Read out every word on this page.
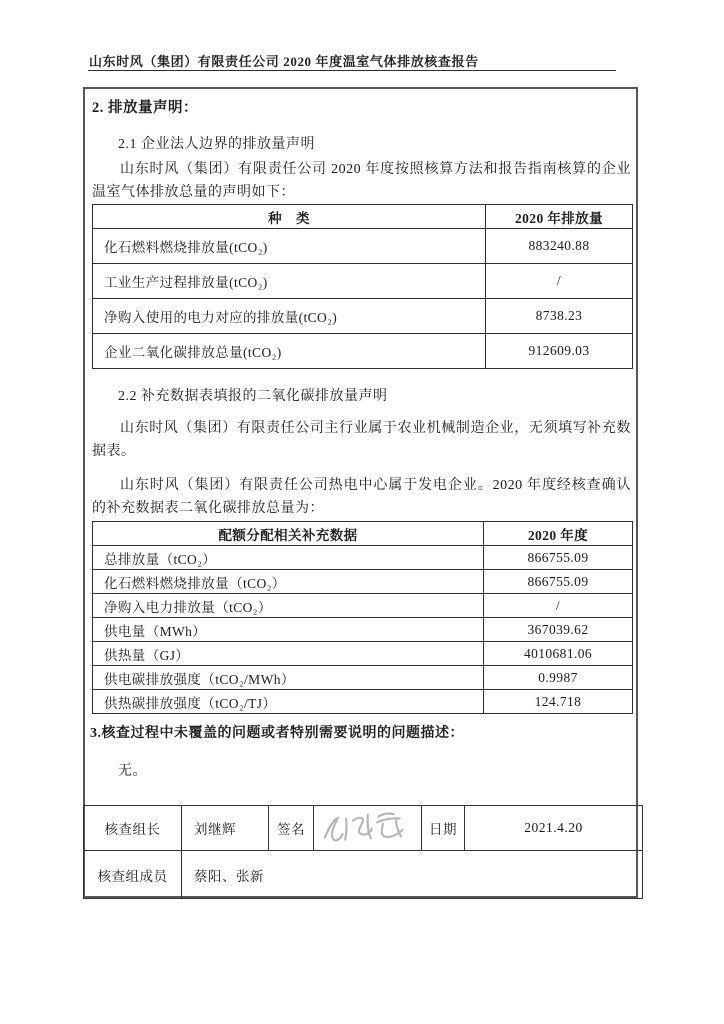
山东时风（集团）有限责任公司 2020 年度温室气体排放核查报告
2. 排放量声明：
2.1 企业法人边界的排放量声明

山东时风（集团）有限责任公司 2020 年度按照核算方法和报告指南核算的企业温室气体排放总量的声明如下：

种　类	2020 年排放量
化石燃料燃烧排放量(tCO₂)	883240.88
工业生产过程排放量(tCO₂)	/
净购入使用的电力对应的排放量(tCO₂)	8738.23
企业二氧化碳排放总量(tCO₂)	912609.03
2.2 补充数据表填报的二氧化碳排放量声明

山东时风（集团）有限责任公司主行业属于农业机械制造企业，无须填写补充数据表。

山东时风（集团）有限责任公司热电中心属于发电企业。2020 年度经核查确认的补充数据表二氧化碳排放总量为：

配额分配相关补充数据	2020 年度
总排放量（tCO₂）	866755.09
化石燃料燃烧排放量（tCO₂）	866755.09
净购入电力排放量（tCO₂）	/
供电量（MWh）	367039.62
供热量（GJ）	4010681.06
供电碳排放强度（tCO₂/MWh）	0.9987
供热碳排放强度（tCO₂/TJ）	124.718
3.核查过程中未覆盖的问题或者特别需要说明的问题描述：
无。
核查组长	刘继辉	签名		日期	2021.4.20
核查组成员	蔡阳、张新				
